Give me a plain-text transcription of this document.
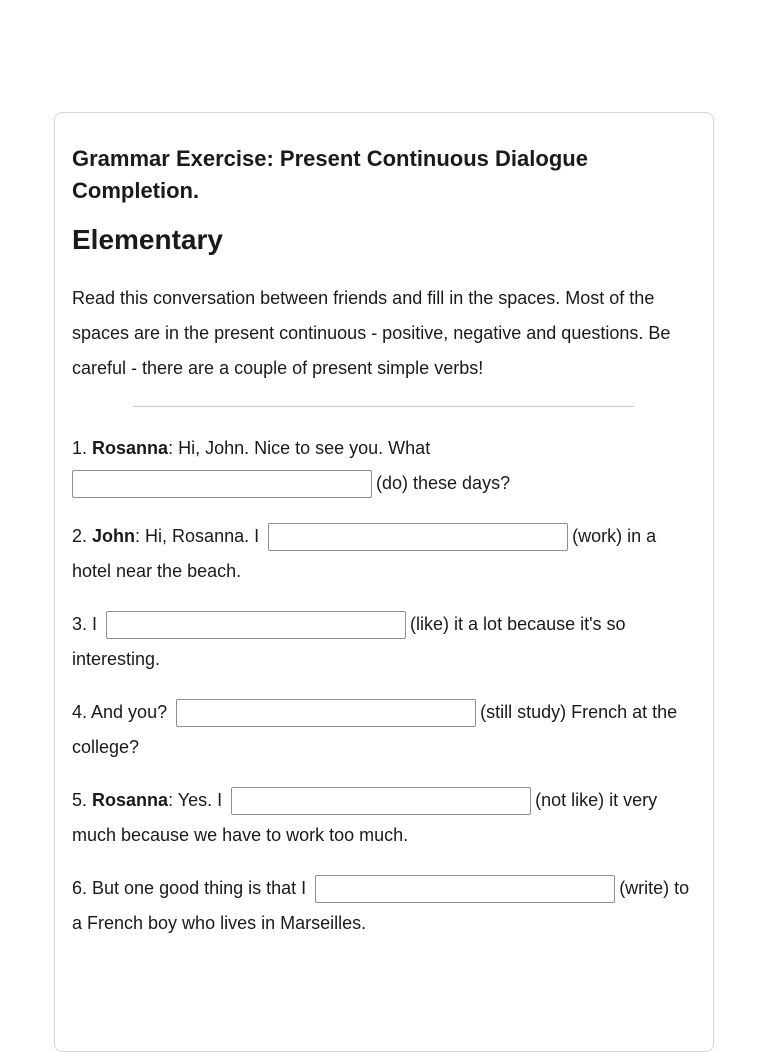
Grammar Exercise: Present Continuous Dialogue Completion.
Elementary

Read this conversation between friends and fill in the spaces. Most of the spaces are in the present continuous - positive, negative and questions. Be careful - there are a couple of present simple verbs!

1. Rosanna: Hi, John. Nice to see you. What
(do) these days?

2. John: Hi, Rosanna. I	(work) in a hotel near the beach.

3. I	(like) it a lot because it's so interesting.

4. And you?	(still study) French at the college?

5. Rosanna: Yes. I	(not like) it very much because we have to work too much.

6. But one good thing is that I	(write) to a French boy who lives in Marseilles.
